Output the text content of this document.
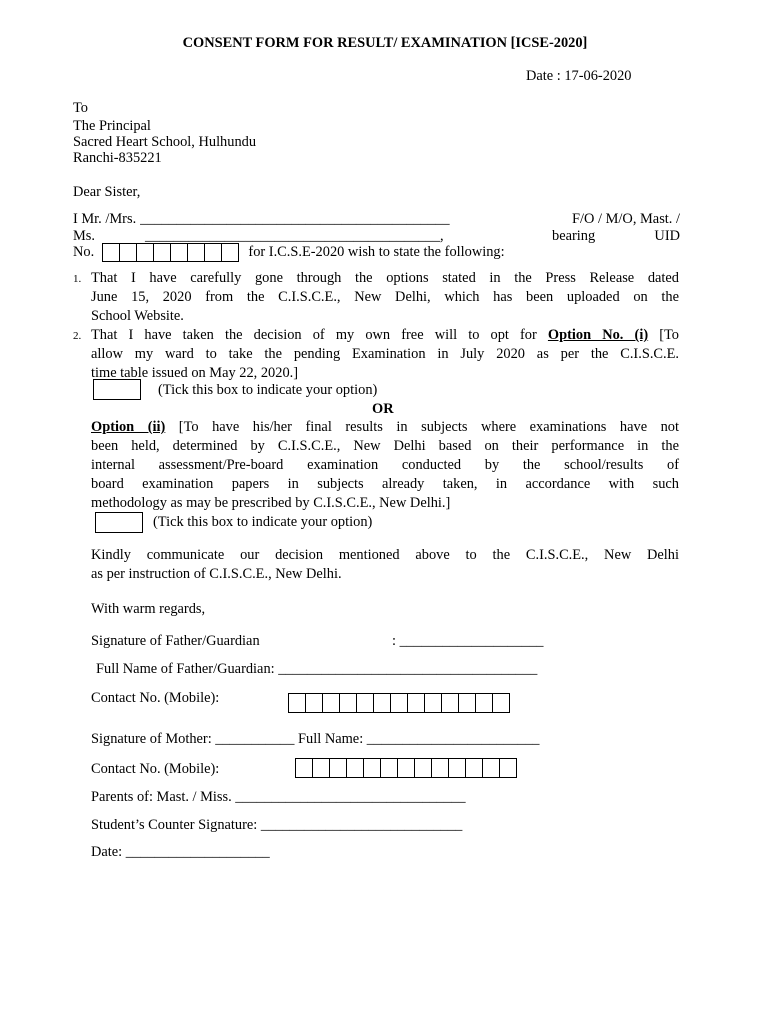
CONSENT FORM FOR RESULT/ EXAMINATION [ICSE-2020]
Date : 17-06-2020
To
The Principal
Sacred Heart School, Hulhundu
Ranchi-835221
Dear Sister,
I Mr. /Mrs. ___________________________________________	F/O / M/O, Mast. /
Ms.	_________________________________________,	bearing	UID
No.	for I.C.S.E-2020 wish to state the following:
1. That I have carefully gone through the options stated in the Press Release dated
June 15, 2020 from the C.I.S.C.E., New Delhi, which has been uploaded on the
School Website.
2. That I have taken the decision of my own free will to opt for Option No. (i) [To
allow my ward to take the pending Examination in July 2020 as per the C.I.S.C.E.
time table issued on May 22, 2020.]
(Tick this box to indicate your option)
OR
Option (ii) [To have his/her final results in subjects where examinations have not
been held, determined by C.I.S.C.E., New Delhi based on their performance in the
internal assessment/Pre-board examination conducted by the school/results of
board examination papers in subjects already taken, in accordance with such
methodology as may be prescribed by C.I.S.C.E., New Delhi.]
(Tick this box to indicate your option)
Kindly communicate our decision mentioned above to the C.I.S.C.E., New Delhi
as per instruction of C.I.S.C.E., New Delhi.
With warm regards,
Signature of Father/Guardian	: ____________________
Full Name of Father/Guardian: ____________________________________
Contact No. (Mobile):
Signature of Mother: ___________ Full Name: ________________________
Contact No. (Mobile):
Parents of: Mast. / Miss. ________________________________
Student’s Counter Signature: ____________________________
Date: ____________________
